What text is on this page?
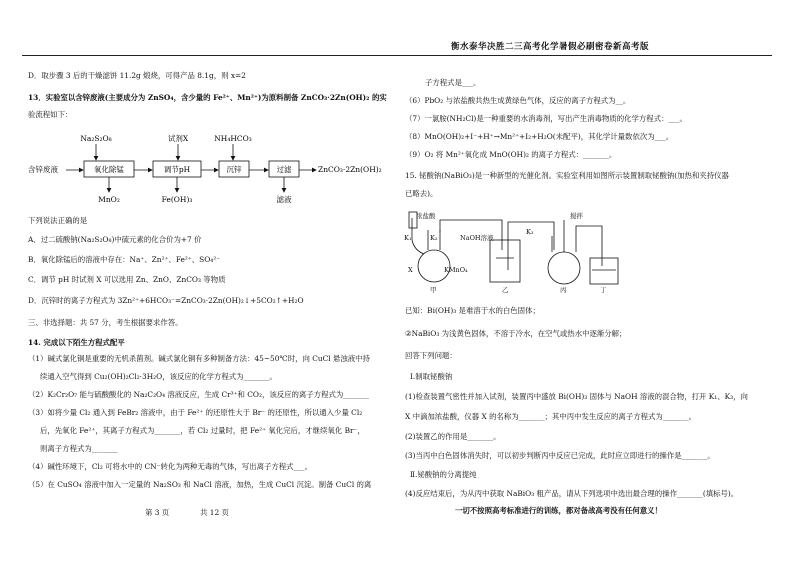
衡水泰华决胜二三高考化学暑假必刷密卷新高考版

D．取步骤 3 后的干燥滤饼 11.2g 煅烧，可得产品 8.1g，则 x=2

13．实验室以含锌废液(主要成分为 ZnSO₄，含少量的 Fe²⁺、Mn²⁺)为原料制备 ZnCO₃·2Zn(OH)₂ 的实

验流程如下：

Na₂S₂O₈	试剂X	NH₄HCO₃
含锌废液	氧化除锰	调节pH	沉锌	过滤	ZnCO₃·2Zn(OH)₂
MnO₂	Fe(OH)₃	滤液

下列说法正确的是

A．过二硫酸钠(Na₂S₂O₈)中硫元素的化合价为+7 价

B．氧化除锰后的溶液中存在：Na⁺、Zn²⁺、Fe²⁺、SO₄²⁻

C．调节 pH 时试剂 X 可以选用 Zn、ZnO、ZnCO₃ 等物质

D．沉锌时的离子方程式为 3Zn²⁺+6HCO₃⁻=ZnCO₃·2Zn(OH)₂↓+5CO₂↑+H₂O

三、非选择题：共 57 分，考生根据要求作答。

14. 完成以下陌生方程式配平

（1）碱式氯化铜是重要的无机杀菌剂。碱式氯化铜有多种制备方法：45~50℃时，向 CuCl 悬浊液中持

续通入空气得到 Cu₂(OH)₂Cl₂·3H₂O，该反应的化学方程式为_______。

（2）K₂Cr₂O₇ 能与硫酸酸化的 Na₂C₂O₄ 溶液反应，生成 Cr³⁺和 CO₂，该反应的离子方程式为_______

（3）如将少量 Cl₂ 通入到 FeBr₂ 溶液中，由于 Fe²⁺ 的还原性大于 Br⁻ 的还原性，所以通入少量 Cl₂

后，先氧化 Fe²⁺，其离子方程式为_______，若 Cl₂ 过量时，把 Fe²⁺ 氧化完后，才继续氧化 Br⁻，

则离子方程式为_______

（4）碱性环境下，Cl₂ 可将水中的 CN⁻转化为两种无毒的气体，写出离子方程式___。

（5）在 CuSO₄ 溶液中加入一定量的 Na₂SO₃ 和 NaCl 溶液，加热，生成 CuCl 沉淀。制备 CuCl 的离

第 3 页	共 12 页

子方程式是___。

（6）PbO₂ 与浓盐酸共热生成黄绿色气体，反应的离子方程式为__。

（7）一氯胺(NH₂Cl)是一种重要的水消毒剂，写出产生消毒物质的化学方程式：___。

（8）MnO(OH)₂+I⁻+H⁺→Mn²⁺+I₂+H₂O(未配平)，其化学计量数依次为___。

（9）O₂ 将 Mn²⁺氧化成 MnO(OH)₂ 的离子方程式：_______。

15. 铋酸钠(NaBiO₃)是一种新型的光催化剂。实验室利用如图所示装置制取铋酸钠(加热和夹持仪器

已略去)。

浓盐酸
K₁	K₂
X	KMnO₄
NaOH溶液
K₃
搅拌
甲	乙	丙	丁

已知：Bi(OH)₃ 是难溶于水的白色固体；

②NaBiO₃ 为浅黄色固体，不溶于冷水，在空气或热水中逐渐分解；

回答下列问题：

Ⅰ.制取铋酸钠

(1)检查装置气密性并加入试剂，装置丙中盛放 Bi(OH)₃ 固体与 NaOH 溶液的混合物，打开 K₁、K₃，向

X 中滴加浓盐酸，仪器 X 的名称为_______；其中丙中发生反应的离子方程式为_______。

(2)装置乙的作用是_______。

(3)当丙中白色固体消失时，可以初步判断丙中反应已完成，此时应立即进行的操作是_______。

Ⅱ.铋酸钠的分离提纯

(4)反应结束后，为从丙中获取 NaBiO₃ 粗产品，请从下列选项中选出最合理的操作_______(填标号)。

一切不按照高考标准进行的训练，都对备战高考没有任何意义！
